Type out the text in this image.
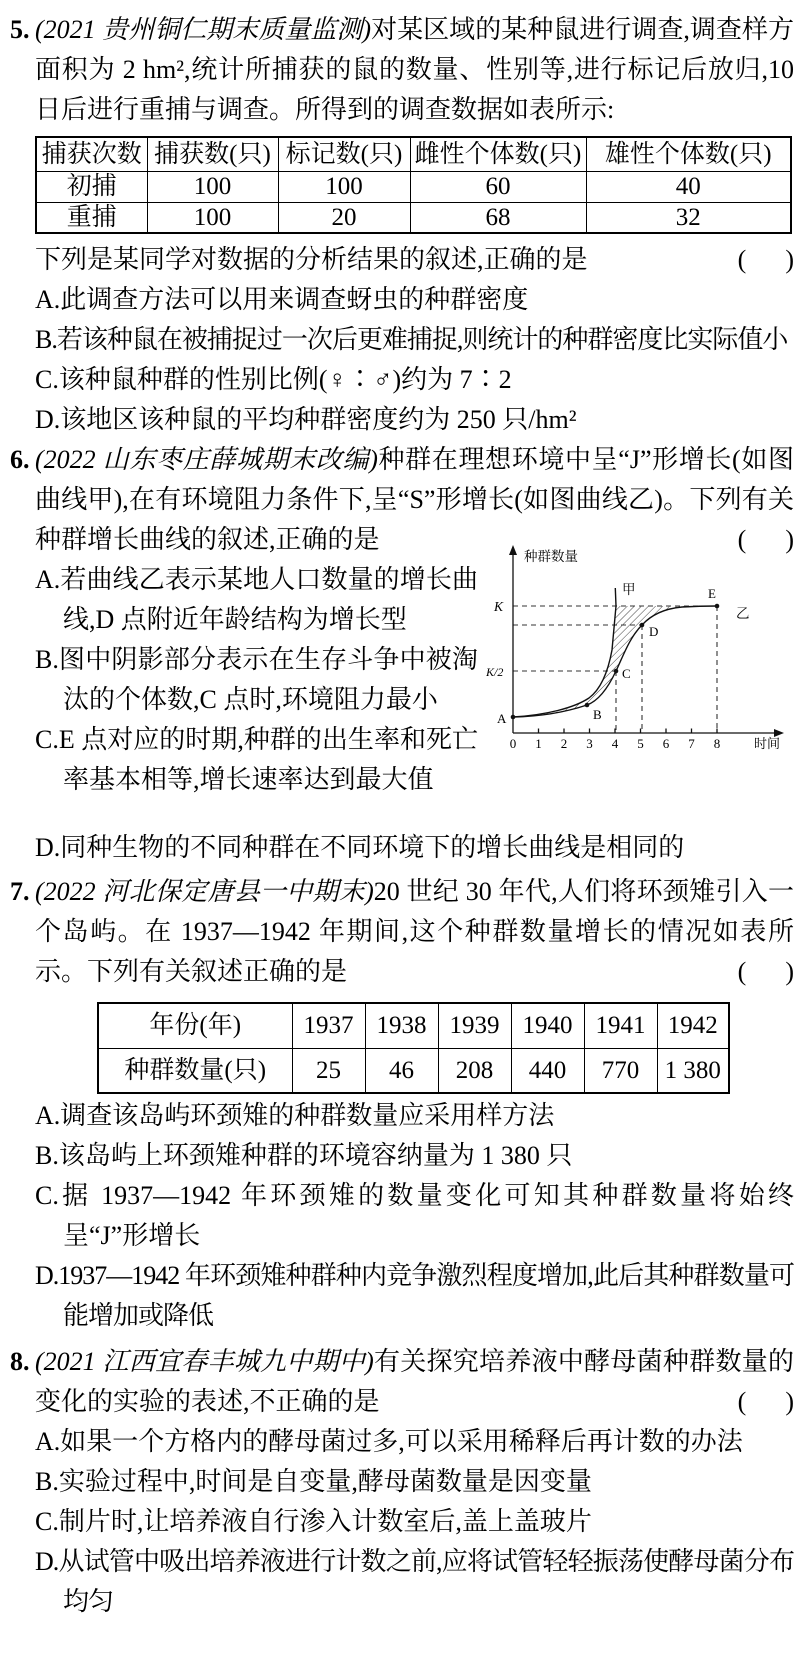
5. (2021 贵州铜仁期末质量监测)对某区域的某种鼠进行调查,调查样方面积为 2 hm²,统计所捕获的鼠的数量、性别等,进行标记后放归,10 日后进行重捕与调查。所得到的调查数据如表所示:
捕获次数	捕获数(只)	标记数(只)	雌性个体数(只)	雄性个体数(只)
初捕	100	100	60	40
重捕	100	20	68	32
下列是某同学对数据的分析结果的叙述,正确的是	(      )
A.此调查方法可以用来调查蚜虫的种群密度
B.若该种鼠在被捕捉过一次后更难捕捉,则统计的种群密度比实际值小
C.该种鼠种群的性别比例(♀∶♂)约为 7∶2
D.该地区该种鼠的平均种群密度约为 250 只/hm²
6. (2022 山东枣庄薛城期末改编)种群在理想环境中呈“J”形增长(如图曲线甲),在有环境阻力条件下,呈“S”形增长(如图曲线乙)。下列有关种群增长曲线的叙述,正确的是	(      )
种群数量
K
K/2
甲
乙
A	B
C
D
E
0 1 2 3 4 5 6 7 8	时间
A.若曲线乙表示某地人口数量的增长曲线,D 点附近年龄结构为增长型
B.图中阴影部分表示在生存斗争中被淘汰的个体数,C 点时,环境阻力最小
C.E 点对应的时期,种群的出生率和死亡率基本相等,增长速率达到最大值
D.同种生物的不同种群在不同环境下的增长曲线是相同的
7. (2022 河北保定唐县一中期末)20 世纪 30 年代,人们将环颈雉引入一个岛屿。在 1937—1942 年期间,这个种群数量增长的情况如表所示。下列有关叙述正确的是	(      )
年份(年)	1937	1938	1939	1940	1941	1942
种群数量(只)	25	46	208	440	770	1 380
A.调查该岛屿环颈雉的种群数量应采用样方法
B.该岛屿上环颈雉种群的环境容纳量为 1 380 只
C.据 1937—1942 年环颈雉的数量变化可知其种群数量将始终呈“J”形增长
D.1937—1942 年环颈雉种群种内竞争激烈程度增加,此后其种群数量可能增加或降低
8. (2021 江西宜春丰城九中期中)有关探究培养液中酵母菌种群数量的变化的实验的表述,不正确的是	(      )
A.如果一个方格内的酵母菌过多,可以采用稀释后再计数的办法
B.实验过程中,时间是自变量,酵母菌数量是因变量
C.制片时,让培养液自行渗入计数室后,盖上盖玻片
D.从试管中吸出培养液进行计数之前,应将试管轻轻振荡使酵母菌分布均匀
